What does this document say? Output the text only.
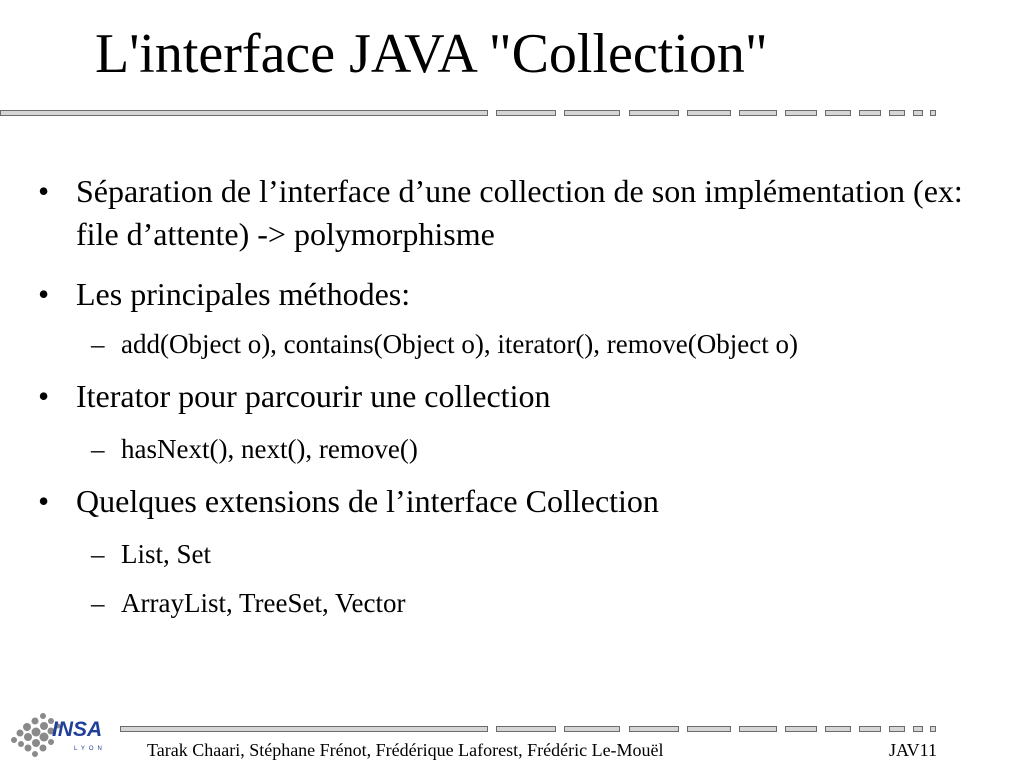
L'interface JAVA "Collection"
• Séparation de l’interface d’une collection de son implémentation (ex: file d’attente) -> polymorphisme
• Les principales méthodes:
– add(Object o), contains(Object o), iterator(), remove(Object o)
• Iterator pour parcourir une collection
– hasNext(), next(), remove()
• Quelques extensions de l’interface Collection
– List, Set
– ArrayList, TreeSet, Vector
INSA
LYON Tarak Chaari, Stéphane Frénot, Frédérique Laforest, Frédéric Le-Mouël	JAV11
